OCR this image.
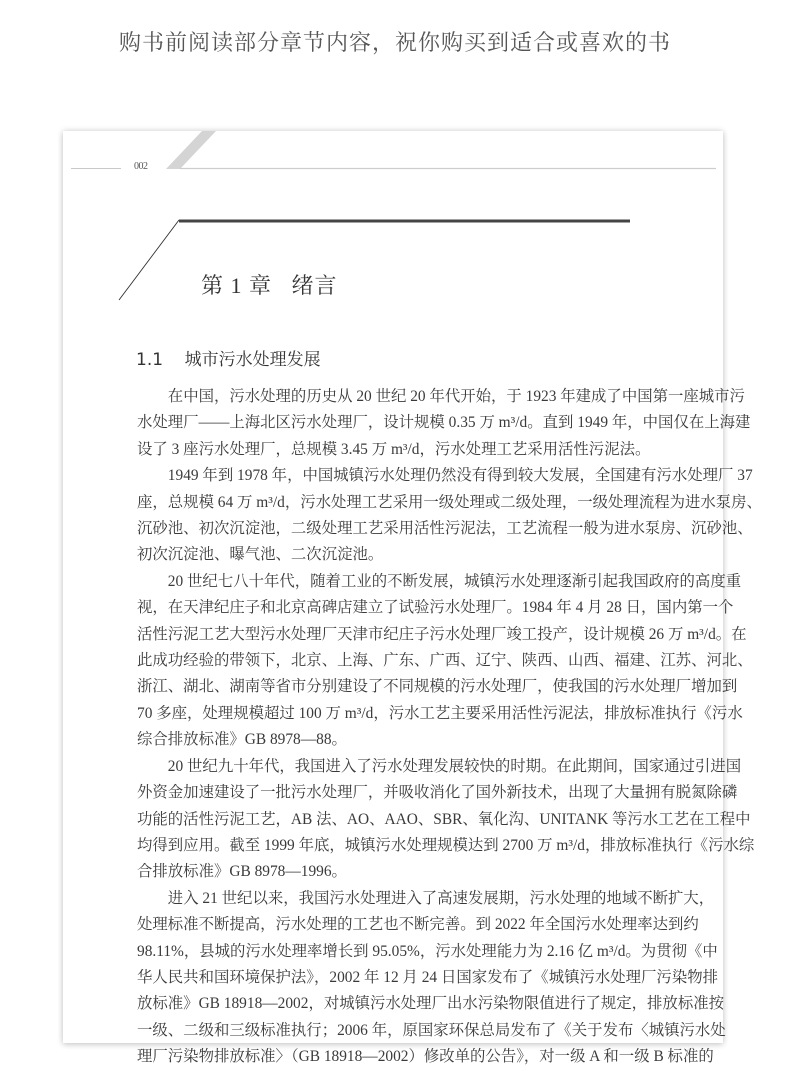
购书前阅读部分章节内容，祝你购买到适合或喜欢的书
002
第 1 章   绪言
1.1    城市污水处理发展
在中国，污水处理的历史从 20 世纪 20 年代开始，于 1923 年建成了中国第一座城市污
水处理厂——上海北区污水处理厂，设计规模 0.35 万 m³/d。直到 1949 年，中国仅在上海建
设了 3 座污水处理厂，总规模 3.45 万 m³/d，污水处理工艺采用活性污泥法。
1949 年到 1978 年，中国城镇污水处理仍然没有得到较大发展，全国建有污水处理厂 37
座，总规模 64 万 m³/d，污水处理工艺采用一级处理或二级处理，一级处理流程为进水泵房、
沉砂池、初次沉淀池，二级处理工艺采用活性污泥法，工艺流程一般为进水泵房、沉砂池、
初次沉淀池、曝气池、二次沉淀池。
20 世纪七八十年代，随着工业的不断发展，城镇污水处理逐渐引起我国政府的高度重
视，在天津纪庄子和北京高碑店建立了试验污水处理厂。1984 年 4 月 28 日，国内第一个
活性污泥工艺大型污水处理厂天津市纪庄子污水处理厂竣工投产，设计规模 26 万 m³/d。在
此成功经验的带领下，北京、上海、广东、广西、辽宁、陕西、山西、福建、江苏、河北、
浙江、湖北、湖南等省市分别建设了不同规模的污水处理厂，使我国的污水处理厂增加到
70 多座，处理规模超过 100 万 m³/d，污水工艺主要采用活性污泥法，排放标准执行《污水
综合排放标准》GB 8978—88。
20 世纪九十年代，我国进入了污水处理发展较快的时期。在此期间，国家通过引进国
外资金加速建设了一批污水处理厂，并吸收消化了国外新技术，出现了大量拥有脱氮除磷
功能的活性污泥工艺，AB 法、AO、AAO、SBR、氧化沟、UNITANK 等污水工艺在工程中
均得到应用。截至 1999 年底，城镇污水处理规模达到 2700 万 m³/d，排放标准执行《污水综
合排放标准》GB 8978—1996。
进入 21 世纪以来，我国污水处理进入了高速发展期，污水处理的地域不断扩大，
处理标准不断提高，污水处理的工艺也不断完善。到 2022 年全国污水处理率达到约
98.11%，县城的污水处理率增长到 95.05%，污水处理能力为 2.16 亿 m³/d。为贯彻《中
华人民共和国环境保护法》，2002 年 12 月 24 日国家发布了《城镇污水处理厂污染物排
放标准》GB 18918—2002，对城镇污水处理厂出水污染物限值进行了规定，排放标准按
一级、二级和三级标准执行；2006 年，原国家环保总局发布了《关于发布〈城镇污水处
理厂污染物排放标准〉（GB 18918—2002）修改单的公告》，对一级 A 和一级 B 标准的
